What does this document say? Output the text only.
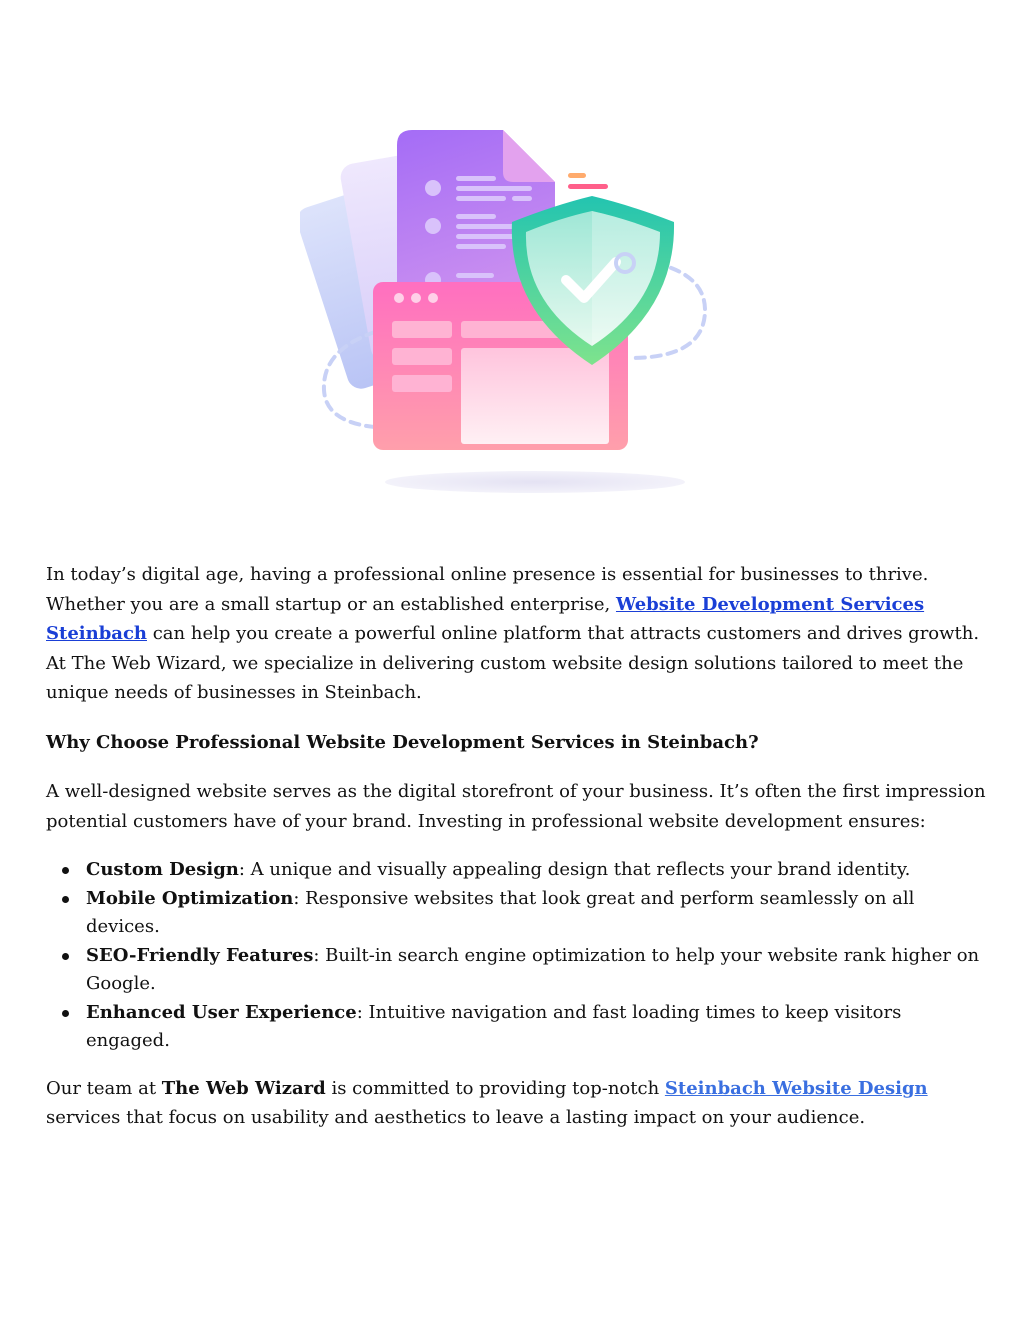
In today’s digital age, having a professional online presence is essential for businesses to thrive. Whether you are a small startup or an established enterprise, Website Development Services Steinbach can help you create a powerful online platform that attracts customers and drives growth. At The Web Wizard, we specialize in delivering custom website design solutions tailored to meet the unique needs of businesses in Steinbach.

Why Choose Professional Website Development Services in Steinbach?

A well-designed website serves as the digital storefront of your business. It’s often the first impression potential customers have of your brand. Investing in professional website development ensures:

Custom Design: A unique and visually appealing design that reflects your brand identity.
Mobile Optimization: Responsive websites that look great and perform seamlessly on all devices.
SEO-Friendly Features: Built-in search engine optimization to help your website rank higher on Google.
Enhanced User Experience: Intuitive navigation and fast loading times to keep visitors engaged.

Our team at The Web Wizard is committed to providing top-notch Steinbach Website Design services that focus on usability and aesthetics to leave a lasting impact on your audience.
